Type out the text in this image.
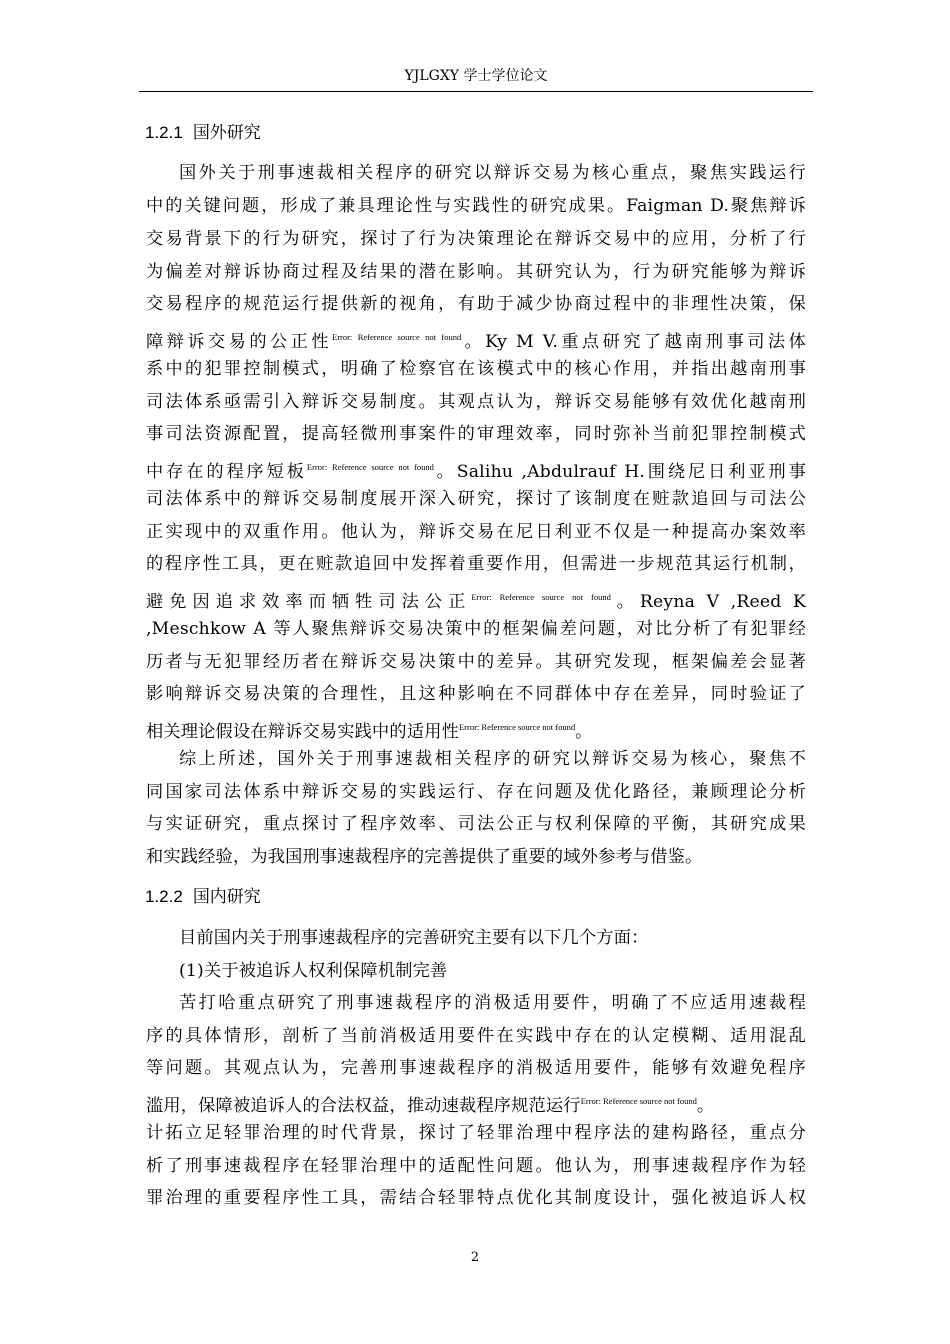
YJLGXY 学士学位论文
1.2.1 国外研究
国外关于刑事速裁相关程序的研究以辩诉交易为核心重点，聚焦实践运行
中的关键问题，形成了兼具理论性与实践性的研究成果。Faigman D.聚焦辩诉
交易背景下的行为研究，探讨了行为决策理论在辩诉交易中的应用，分析了行
为偏差对辩诉协商过程及结果的潜在影响。其研究认为，行为研究能够为辩诉
交易程序的规范运行提供新的视角，有助于减少协商过程中的非理性决策，保
障辩诉交易的公正性$^{Error: Reference source not found}$。Ky M V.重点研究了越南刑事司法体
系中的犯罪控制模式，明确了检察官在该模式中的核心作用，并指出越南刑事
司法体系亟需引入辩诉交易制度。其观点认为，辩诉交易能够有效优化越南刑
事司法资源配置，提高轻微刑事案件的审理效率，同时弥补当前犯罪控制模式
中存在的程序短板$^{Error: Reference source not found}$。Salihu ,Abdulrauf H.围绕尼日利亚刑事
司法体系中的辩诉交易制度展开深入研究，探讨了该制度在赃款追回与司法公
正实现中的双重作用。他认为，辩诉交易在尼日利亚不仅是一种提高办案效率
的程序性工具，更在赃款追回中发挥着重要作用，但需进一步规范其运行机制，
避免因追求效率而牺牲司法公正$^{Error: Reference source not found}$。Reyna V ,Reed K
,Meschkow A 等人聚焦辩诉交易决策中的框架偏差问题，对比分析了有犯罪经
历者与无犯罪经历者在辩诉交易决策中的差异。其研究发现，框架偏差会显著
影响辩诉交易决策的合理性，且这种影响在不同群体中存在差异，同时验证了
相关理论假设在辩诉交易实践中的适用性$^{Error: Reference source not found}$。
综上所述，国外关于刑事速裁相关程序的研究以辩诉交易为核心，聚焦不
同国家司法体系中辩诉交易的实践运行、存在问题及优化路径，兼顾理论分析
与实证研究，重点探讨了程序效率、司法公正与权利保障的平衡，其研究成果
和实践经验，为我国刑事速裁程序的完善提供了重要的域外参考与借鉴。
1.2.2 国内研究
目前国内关于刑事速裁程序的完善研究主要有以下几个方面：
(1)关于被追诉人权利保障机制完善
苦打哈重点研究了刑事速裁程序的消极适用要件，明确了不应适用速裁程
序的具体情形，剖析了当前消极适用要件在实践中存在的认定模糊、适用混乱
等问题。其观点认为，完善刑事速裁程序的消极适用要件，能够有效避免程序
滥用，保障被追诉人的合法权益，推动速裁程序规范运行$^{Error: Reference source not found}$。
计拓立足轻罪治理的时代背景，探讨了轻罪治理中程序法的建构路径，重点分
析了刑事速裁程序在轻罪治理中的适配性问题。他认为，刑事速裁程序作为轻
罪治理的重要程序性工具，需结合轻罪特点优化其制度设计，强化被追诉人权
2
